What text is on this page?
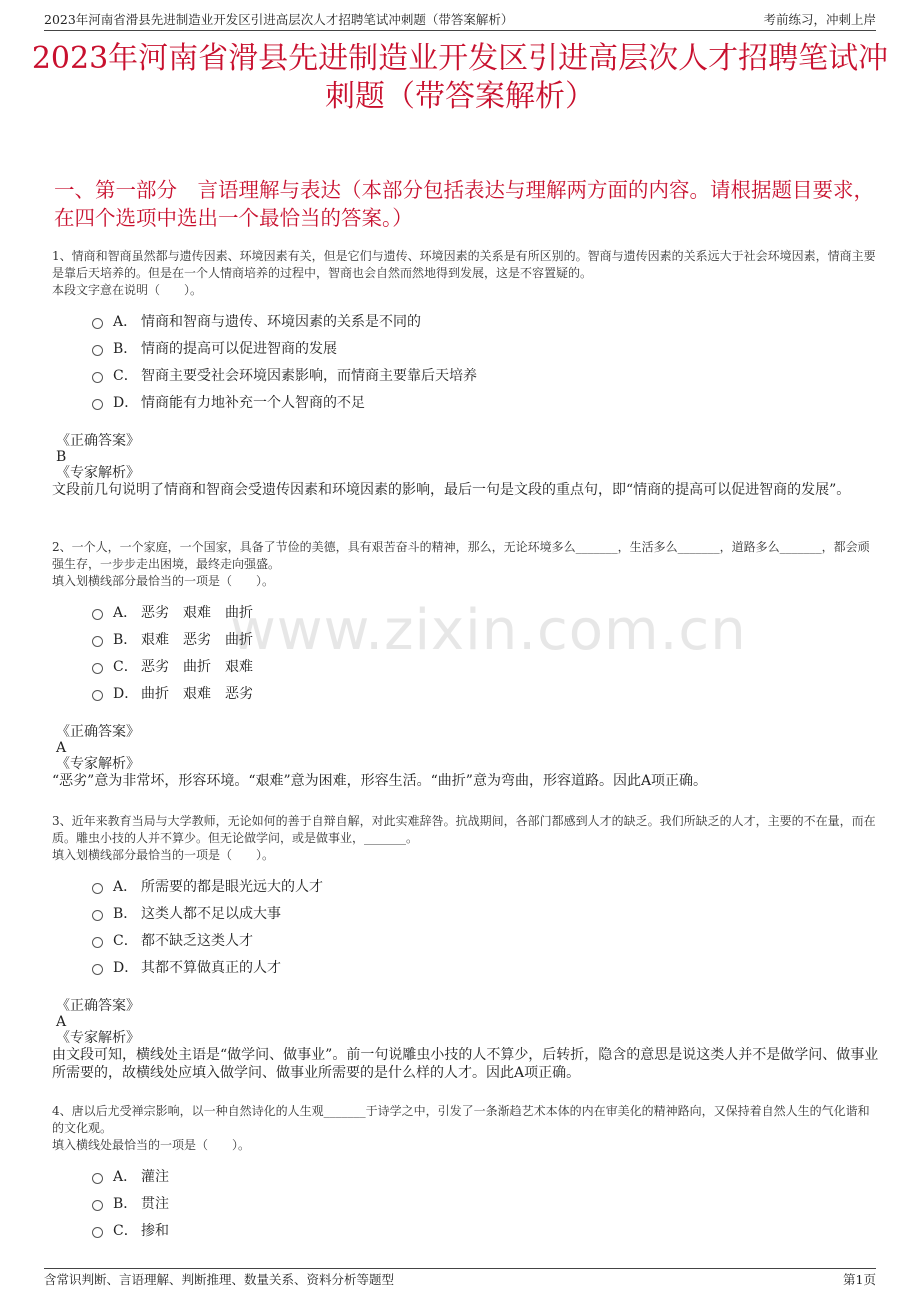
2023年河南省滑县先进制造业开发区引进高层次人才招聘笔试冲刺题（带答案解析）	考前练习，冲刺上岸
2023年河南省滑县先进制造业开发区引进高层次人才招聘笔试冲刺题（带答案解析）
一、第一部分　言语理解与表达（本部分包括表达与理解两方面的内容。请根据题目要求，在四个选项中选出一个最恰当的答案。）
www.zixin.com.cn
1、情商和智商虽然都与遗传因素、环境因素有关，但是它们与遗传、环境因素的关系是有所区别的。智商与遗传因素的关系远大于社会环境因素，情商主要是靠后天培养的。但是在一个人情商培养的过程中，智商也会自然而然地得到发展，这是不容置疑的。
本段文字意在说明（　　）。
A． 情商和智商与遗传、环境因素的关系是不同的
B． 情商的提高可以促进智商的发展
C． 智商主要受社会环境因素影响，而情商主要靠后天培养
D． 情商能有力地补充一个人智商的不足
《正确答案》
B
《专家解析》
文段前几句说明了情商和智商会受遗传因素和环境因素的影响，最后一句是文段的重点句，即“情商的提高可以促进智商的发展”。
2、一个人，一个家庭，一个国家，具备了节俭的美德，具有艰苦奋斗的精神，那么，无论环境多么_______，生活多么_______，道路多么_______，都会顽强生存，一步步走出困境，最终走向强盛。
填入划横线部分最恰当的一项是（　　）。
A． 恶劣　艰难　曲折
B． 艰难　恶劣　曲折
C． 恶劣　曲折　艰难
D． 曲折　艰难　恶劣
《正确答案》
A
《专家解析》
“恶劣”意为非常坏，形容环境。“艰难”意为困难，形容生活。“曲折”意为弯曲，形容道路。因此A项正确。
3、近年来教育当局与大学教师，无论如何的善于自辩自解，对此实难辞咎。抗战期间，各部门都感到人才的缺乏。我们所缺乏的人才，主要的不在量，而在质。雕虫小技的人并不算少。但无论做学问，或是做事业，_______。
填入划横线部分最恰当的一项是（　　）。
A． 所需要的都是眼光远大的人才
B． 这类人都不足以成大事
C． 都不缺乏这类人才
D． 其都不算做真正的人才
《正确答案》
A
《专家解析》
由文段可知，横线处主语是“做学问、做事业”。前一句说雕虫小技的人不算少，后转折，隐含的意思是说这类人并不是做学问、做事业所需要的，故横线处应填入做学问、做事业所需要的是什么样的人才。因此A项正确。
4、唐以后尤受禅宗影响，以一种自然诗化的人生观_______于诗学之中，引发了一条渐趋艺术本体的内在审美化的精神路向，又保持着自然人生的气化谐和的文化观。
填入横线处最恰当的一项是（　　）。
A． 灌注
B． 贯注
C． 掺和
含常识判断、言语理解、判断推理、数量关系、资料分析等题型	第1页
